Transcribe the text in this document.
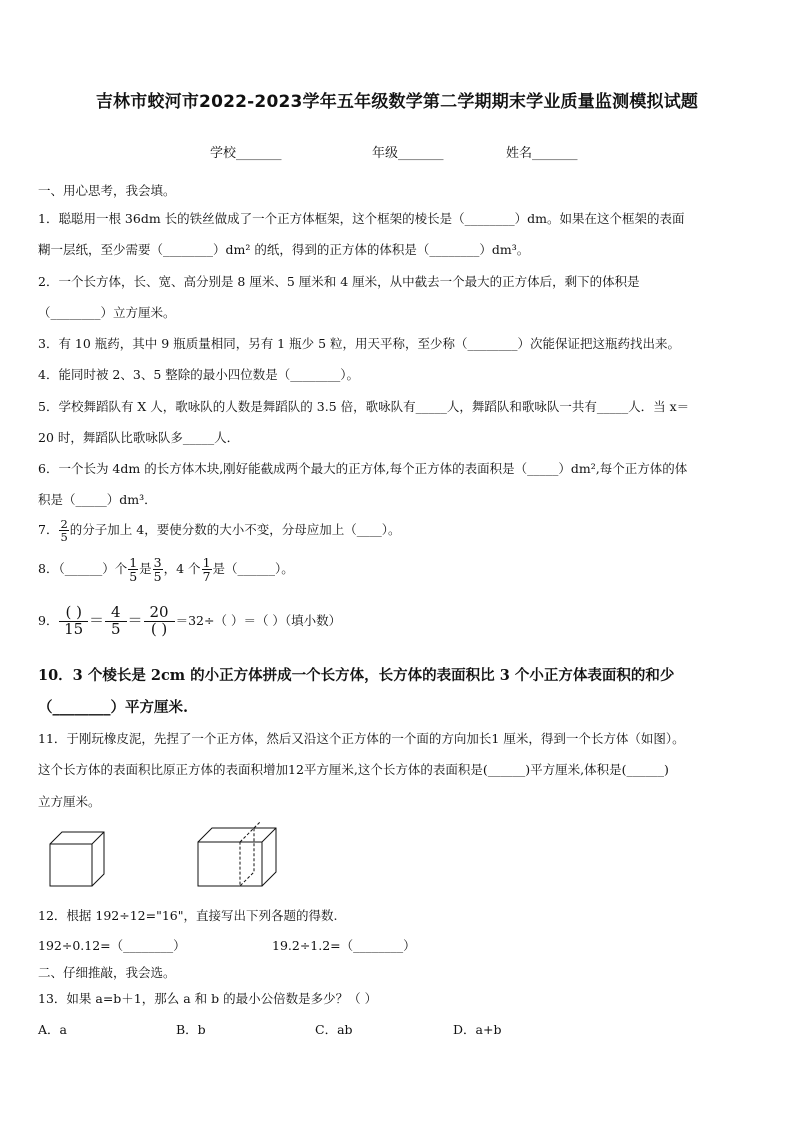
吉林市蛟河市2022-2023学年五年级数学第二学期期末学业质量监测模拟试题
学校_______	年级_______	姓名_______
一、用心思考，我会填。
1．聪聪用一根 36dm 长的铁丝做成了一个正方体框架，这个框架的棱长是（________）dm。如果在这个框架的表面
糊一层纸，至少需要（________）dm² 的纸，得到的正方体的体积是（________）dm³。
2．一个长方体，长、宽、高分别是 8 厘米、5 厘米和 4 厘米，从中截去一个最大的正方体后，剩下的体积是
（________）立方厘米。
3．有 10 瓶药，其中 9 瓶质量相同，另有 1 瓶少 5 粒，用天平称，至少称（________）次能保证把这瓶药找出来。
4．能同时被 2、3、5 整除的最小四位数是（________）。
5．学校舞蹈队有 X 人，歌咏队的人数是舞蹈队的 3.5 倍，歌咏队有_____人，舞蹈队和歌咏队一共有_____人．当 x＝
20 时，舞蹈队比歌咏队多_____人．
6．一个长为 4dm 的长方体木块,刚好能截成两个最大的正方体,每个正方体的表面积是（_____）dm²,每个正方体的体
积是（_____）dm³．
7． $\frac{2}{5}$ 的分子加上 4，要使分数的大小不变，分母应加上（____）。
8．（______）个 $\frac{1}{5}$ 是 $\frac{3}{5}$ ，4 个 $\frac{1}{7}$ 是（______）。
9． $\frac{( )}{15} = \frac{4}{5} = \frac{20}{( )} =32\div$（ ）＝（ ）（填小数）
10．3 个棱长是 2cm 的小正方体拼成一个长方体，长方体的表面积比 3 个小正方体表面积的和少
（________）平方厘米.
11．于刚玩橡皮泥，先捏了一个正方体，然后又沿这个正方体的一个面的方向加长1 厘米，得到一个长方体（如图）。
这个长方体的表面积比原正方体的表面积增加12平方厘米,这个长方体的表面积是(______)平方厘米,体积是(______)
立方厘米。
12．根据 192÷12="16"，直接写出下列各题的得数.
192÷0.12=（________）	19.2÷1.2=（________）
二、仔细推敲，我会选。
13．如果 a=b＋1，那么 a 和 b 的最小公倍数是多少？（ ）
A．a	B．b	C．ab	D．a+b
